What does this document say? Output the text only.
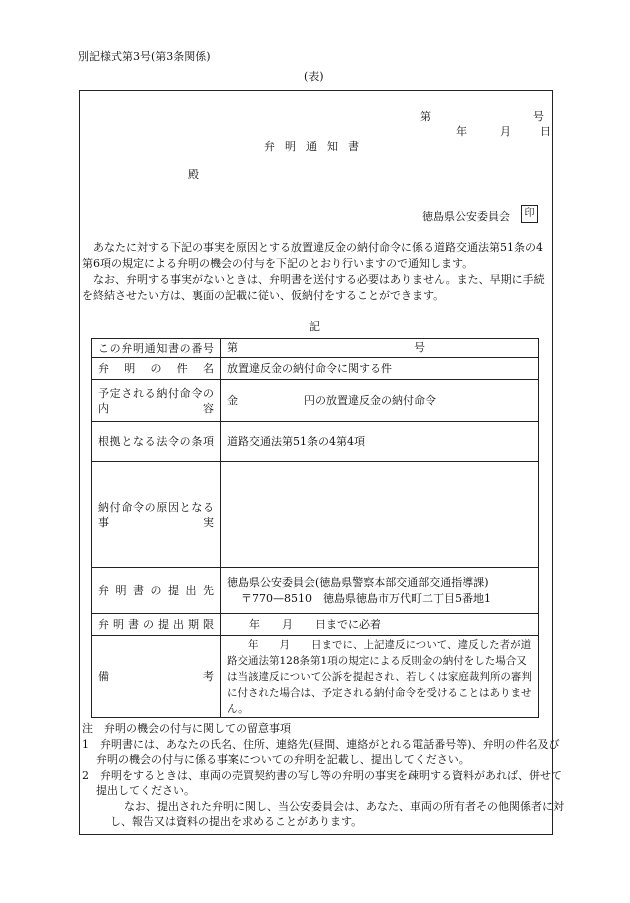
別記様式第3号(第3条関係)
(表)
第	号
年	月	日
弁明通知書
殿
徳島県公安委員会	印
あなたに対する下記の事実を原因とする放置違反金の納付命令に係る道路交通法第51条の4第6項の規定による弁明の機会の付与を下記のとおり行いますので通知します。
なお、弁明する事実がないときは、弁明書を送付する必要はありません。また、早期に手続を終結させたい方は、裏面の記載に従い、仮納付をすることができます。
記
この弁明通知書の番号	第　　　　　　　　　　　　　　　　号
弁明の件名	放置違反金の納付命令に関する件
予定される納付命令の内容	金　　　　　　円の放置違反金の納付命令
根拠となる法令の条項	道路交通法第51条の4第4項
納付命令の原因となる事実	
弁明書の提出先	徳島県公安委員会(徳島県警察本部交通部交通指導課)
〒770—8510　徳島県徳島市万代町二丁目5番地1

弁明書の提出期限	　　年　　月　　日までに必着
備考	　　年　　月　　日までに、上記違反について、違反した者が道路交通法第128条第1項の規定による反則金の納付をした場合又は当該違反について公訴を提起され、若しくは家庭裁判所の審判に付された場合は、予定される納付命令を受けることはありません。
注　弁明の機会の付与に関しての留意事項
1　弁明書には、あなたの氏名、住所、連絡先(昼間、連絡がとれる電話番号等)、弁明の件名及び弁明の機会の付与に係る事案についての弁明を記載し、提出してください。
2　弁明をするときは、車両の売買契約書の写し等の弁明の事実を疎明する資料があれば、併せて提出してください。
なお、提出された弁明に関し、当公安委員会は、あなた、車両の所有者その他関係者に対し、報告又は資料の提出を求めることがあります。
